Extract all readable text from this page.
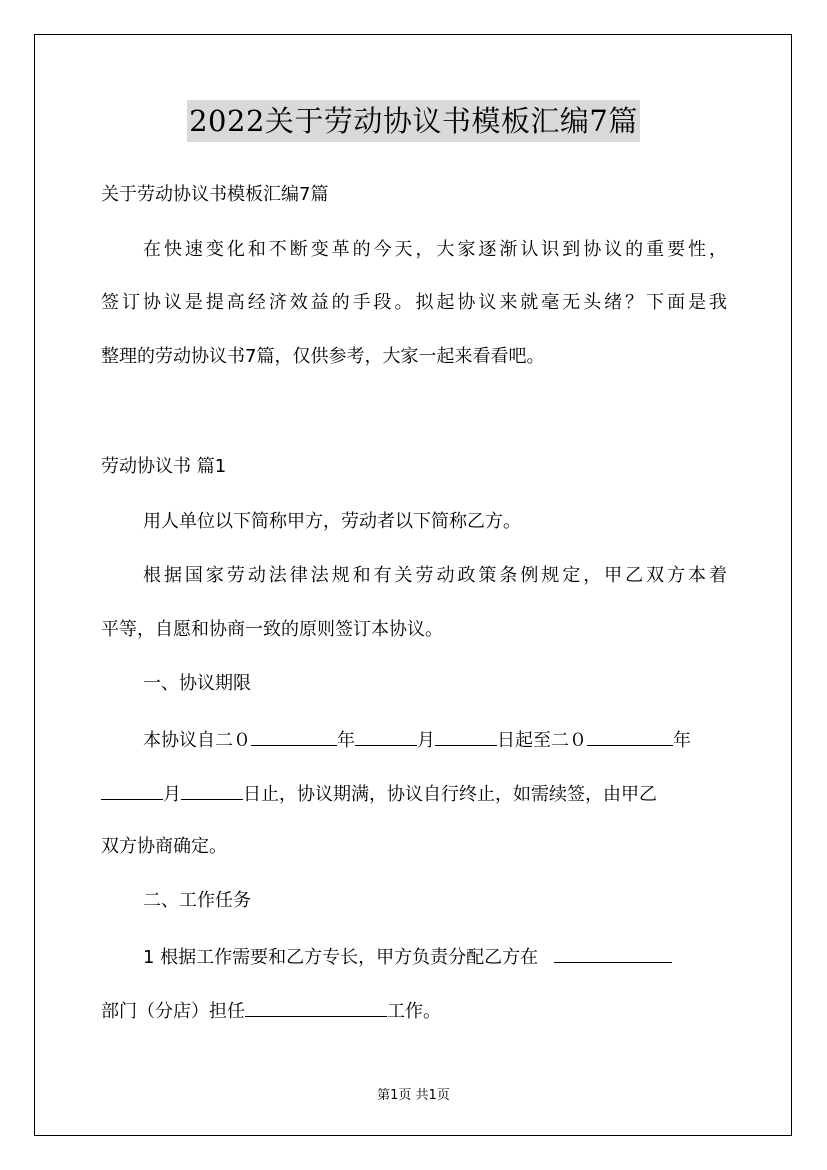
2022关于劳动协议书模板汇编7篇
关于劳动协议书模板汇编7篇
在快速变化和不断变革的今天，大家逐渐认识到协议的重要性，
签订协议是提高经济效益的手段。拟起协议来就毫无头绪？下面是我
整理的劳动协议书7篇，仅供参考，大家一起来看看吧。
劳动协议书 篇1
用人单位以下简称甲方，劳动者以下简称乙方。
根据国家劳动法律法规和有关劳动政策条例规定，甲乙双方本着
平等，自愿和协商一致的原则签订本协议。
一、协议期限
本协议自二０	年	月	日起至二０	年
月	日止，协议期满，协议自行终止，如需续签，由甲乙
双方协商确定。
二、工作任务
1 根据工作需要和乙方专长，甲方负责分配乙方在
部门（分店）担任	工作。
第1页 共1页
